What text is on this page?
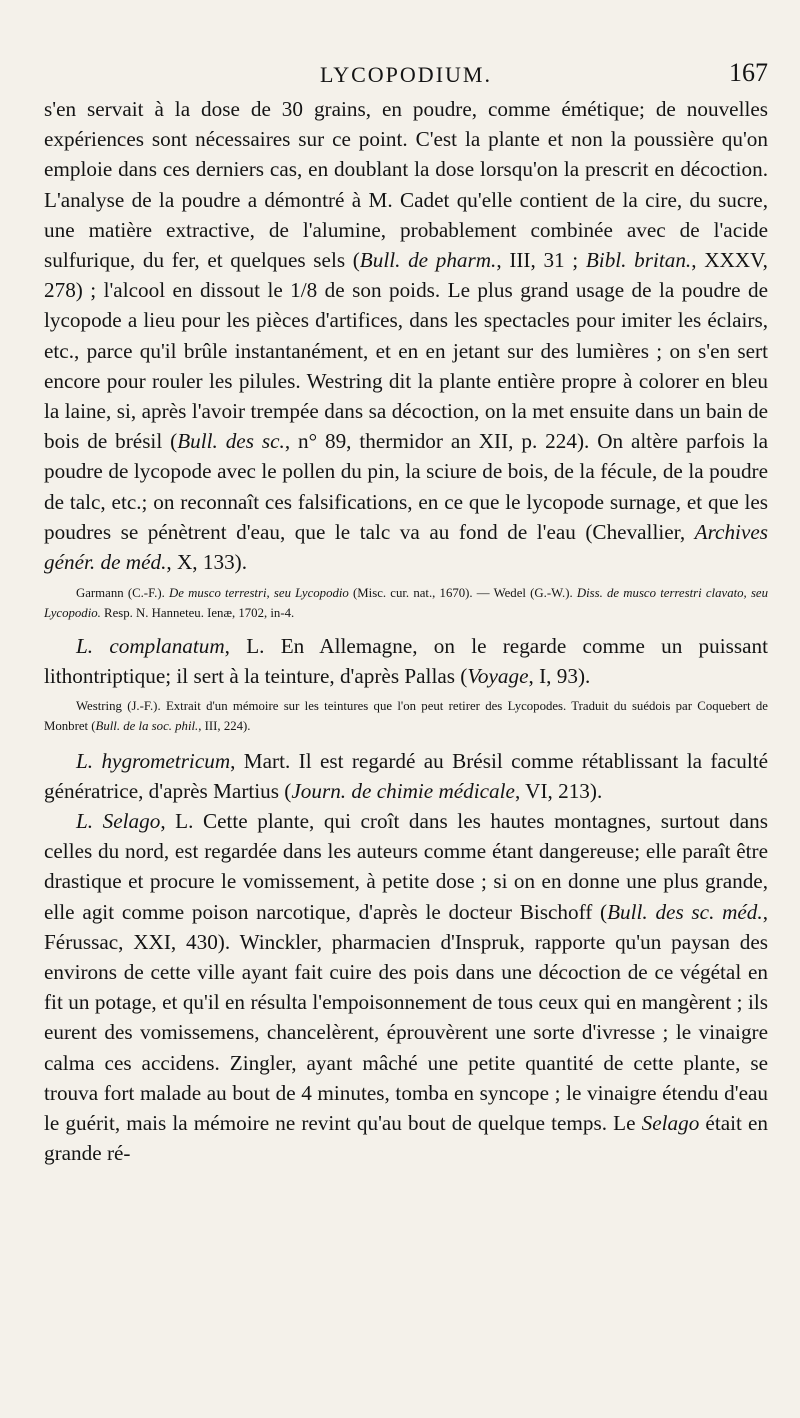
LYCOPODIUM.	167

s'en servait à la dose de 30 grains, en poudre, comme émétique; de nouvelles expériences sont nécessaires sur ce point. C'est la plante et non la poussière qu'on emploie dans ces derniers cas, en doublant la dose lorsqu'on la prescrit en décoction. L'analyse de la poudre a démontré à M. Cadet qu'elle contient de la cire, du sucre, une matière extractive, de l'alumine, probablement combinée avec de l'acide sulfurique, du fer, et quelques sels (Bull. de pharm., III, 31 ; Bibl. britan., XXXV, 278) ; l'alcool en dissout le 1/8 de son poids. Le plus grand usage de la poudre de lycopode a lieu pour les pièces d'artifices, dans les spectacles pour imiter les éclairs, etc., parce qu'il brûle instantanément, et en en jetant sur des lumières ; on s'en sert encore pour rouler les pilules. Westring dit la plante entière propre à colorer en bleu la laine, si, après l'avoir trempée dans sa décoction, on la met ensuite dans un bain de bois de brésil (Bull. des sc., n° 89, thermidor an XII, p. 224). On altère parfois la poudre de lycopode avec le pollen du pin, la sciure de bois, de la fécule, de la poudre de talc, etc.; on reconnaît ces falsifications, en ce que le lycopode surnage, et que les poudres se pénètrent d'eau, que le talc va au fond de l'eau (Chevallier, Archives génér. de méd., X, 133).

Garmann (C.-F.). De musco terrestri, seu Lycopodio (Misc. cur. nat., 1670). — Wedel (G.-W.). Diss. de musco terrestri clavato, seu Lycopodio. Resp. N. Hanneteu. Ienæ, 1702, in-4.

L. complanatum, L. En Allemagne, on le regarde comme un puissant lithontriptique; il sert à la teinture, d'après Pallas (Voyage, I, 93).

Westring (J.-F.). Extrait d'un mémoire sur les teintures que l'on peut retirer des Lycopodes. Traduit du suédois par Coquebert de Monbret (Bull. de la soc. phil., III, 224).

L. hygrometricum, Mart. Il est regardé au Brésil comme rétablissant la faculté génératrice, d'après Martius (Journ. de chimie médicale, VI, 213).

L. Selago, L. Cette plante, qui croît dans les hautes montagnes, surtout dans celles du nord, est regardée dans les auteurs comme étant dangereuse; elle paraît être drastique et procure le vomissement, à petite dose ; si on en donne une plus grande, elle agit comme poison narcotique, d'après le docteur Bischoff (Bull. des sc. méd., Férussac, XXI, 430). Winckler, pharmacien d'Inspruk, rapporte qu'un paysan des environs de cette ville ayant fait cuire des pois dans une décoction de ce végétal en fit un potage, et qu'il en résulta l'empoisonnement de tous ceux qui en mangèrent ; ils eurent des vomissemens, chancelèrent, éprouvèrent une sorte d'ivresse ; le vinaigre calma ces accidens. Zingler, ayant mâché une petite quantité de cette plante, se trouva fort malade au bout de 4 minutes, tomba en syncope ; le vinaigre étendu d'eau le guérit, mais la mémoire ne revint qu'au bout de quelque temps. Le Selago était en grande ré-
